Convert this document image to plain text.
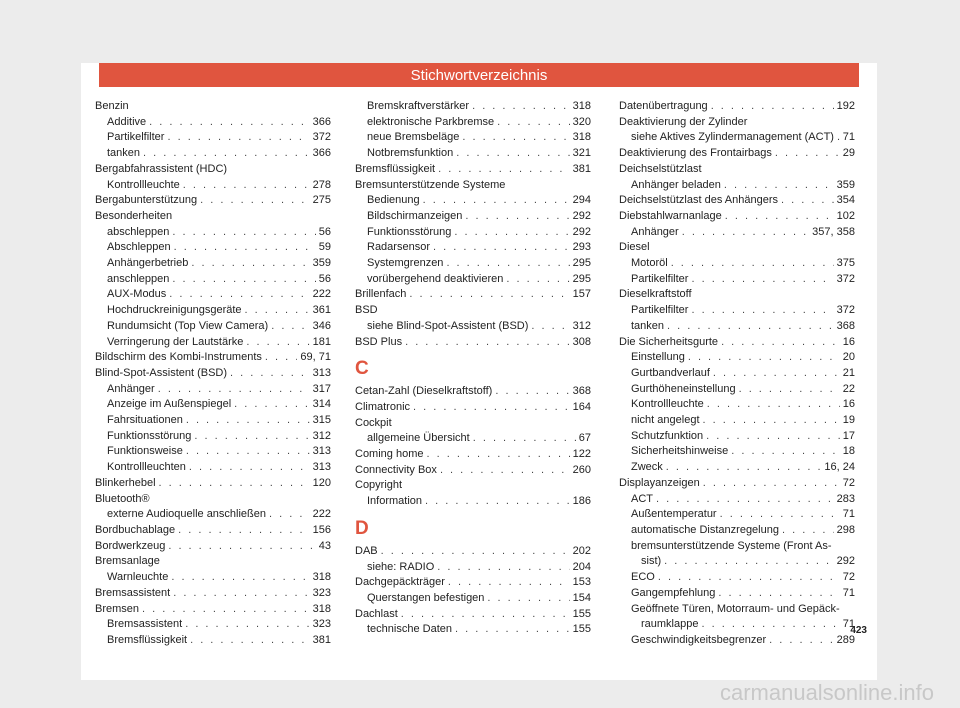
Stichwortverzeichnis
Benzin
Additive . . .	366
Partikelfilter . . .	372
tanken . . .	366
Bergabfahrassistent (HDC)
Kontrollleuchte . . .	278
Bergabunterstützung . . .	275
Besonderheiten
abschleppen . . .	56
Abschleppen . . .	59
Anhängerbetrieb . . .	359
anschleppen . . .	56
AUX-Modus . . .	222
Hochdruckreinigungsgeräte . . .	361
Rundumsicht (Top View Camera) . . .	346
Verringerung der Lautstärke . . .	181
Bildschirm des Kombi-Instruments . . .	69, 71
Blind-Spot-Assistent (BSD) . . .	313
Anhänger . . .	317
Anzeige im Außenspiegel . . .	314
Fahrsituationen . . .	315
Funktionsstörung . . .	312
Funktionsweise . . .	313
Kontrollleuchten . . .	313
Blinkerhebel . . .	120
Bluetooth®
externe Audioquelle anschließen . . .	222
Bordbuchablage . . .	156
Bordwerkzeug . . .	43
Bremsanlage
Warnleuchte . . .	318
Bremsassistent . . .	323
Bremsen . . .	318
Bremsassistent . . .	323
Bremsflüssigkeit . . .	381
Bremskraftverstärker . . .	318
elektronische Parkbremse . . .	320
neue Bremsbeläge . . .	318
Notbremsfunktion . . .	321
Bremsflüssigkeit . . .	381
Bremsunterstützende Systeme
Bedienung . . .	294
Bildschirmanzeigen . . .	292
Funktionsstörung . . .	292
Radarsensor . . .	293
Systemgrenzen . . .	295
vorübergehend deaktivieren . . .	295
Brillenfach . . .	157
BSD
siehe Blind-Spot-Assistent (BSD) . . .	312
BSD Plus . . .	308
C
Cetan-Zahl (Dieselkraftstoff) . . .	368
Climatronic . . .	164
Cockpit
allgemeine Übersicht . . .	67
Coming home . . .	122
Connectivity Box . . .	260
Copyright
Information . . .	186
D
DAB . . .	202
siehe: RADIO . . .	204
Dachgepäckträger . . .	153
Querstangen befestigen . . .	154
Dachlast . . .	155
technische Daten . . .	155
Datenübertragung . . .	192
Deaktivierung der Zylinder
siehe Aktives Zylindermanagement (ACT) . . . 71
Deaktivierung des Frontairbags . . .	29
Deichselstützlast
Anhänger beladen . . .	359
Deichselstützlast des Anhängers . . .	354
Diebstahlwarnanlage . . .	102
Anhänger . . .	357, 358
Diesel
Motoröl . . .	375
Partikelfilter . . .	372
Dieselkraftstoff
Partikelfilter . . .	372
tanken . . .	368
Die Sicherheitsgurte . . .	16
Einstellung . . .	20
Gurtbandverlauf . . .	21
Gurthöheneinstellung . . .	22
Kontrollleuchte . . .	16
nicht angelegt . . .	19
Schutzfunktion . . .	17
Sicherheitshinweise . . .	18
Zweck . . .	16, 24
Displayanzeigen . . .	72
ACT . . .	283
Außentemperatur . . .	71
automatische Distanzregelung . . .	298
bremsunterstützende Systeme (Front As-
sist) . . .	292
ECO . . .	72
Gangempfehlung . . .	71
Geöffnete Türen, Motorraum- und Gepäck-
raumklappe . . .	71
Geschwindigkeitsbegrenzer . . .	289
423
carmanualsonline.info
